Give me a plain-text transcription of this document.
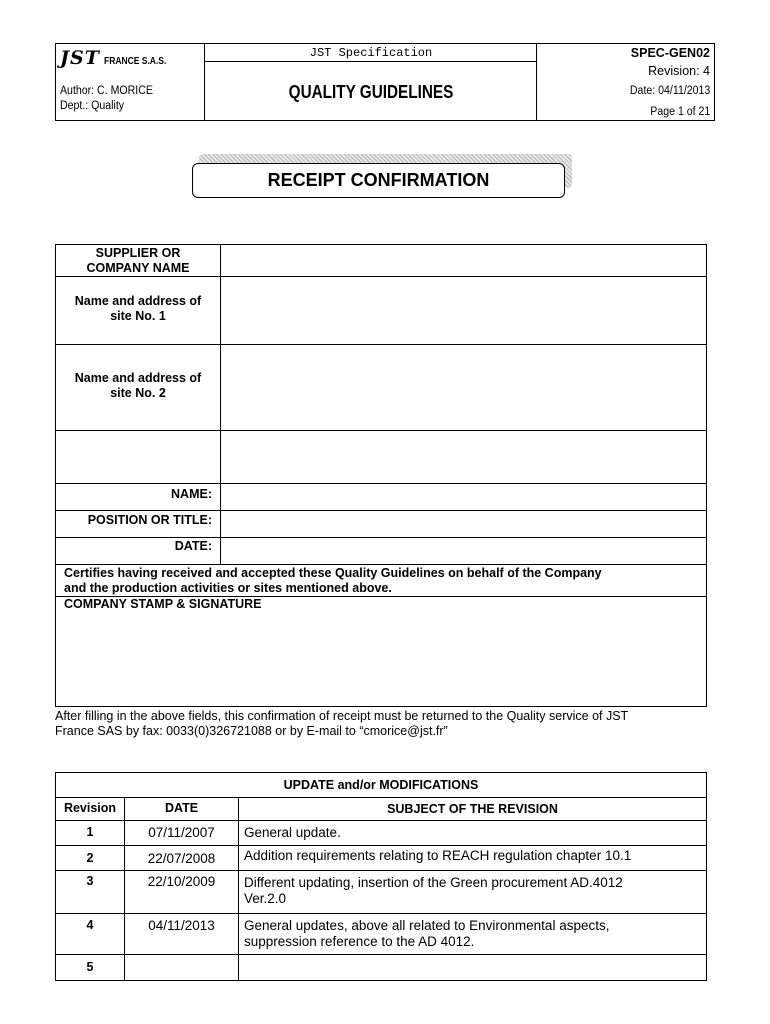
JST FRANCE S.A.S.
Author: C. MORICE
Dept.: Quality
JST Specification
QUALITY GUIDELINES
SPEC-GEN02
Revision: 4
Date: 04/11/2013
Page 1 of 21
RECEIPT CONFIRMATION
SUPPLIER OR
COMPANY NAME
Name and address of
site No. 1
Name and address of
site No. 2
NAME:
POSITION OR TITLE:
DATE:
Certifies having received and accepted these Quality Guidelines on behalf of the Company
and the production activities or sites mentioned above.
COMPANY STAMP & SIGNATURE
After filling in the above fields, this confirmation of receipt must be returned to the Quality service of JST
France SAS by fax: 0033(0)326721088 or by E-mail to “cmorice@jst.fr”
UPDATE and/or MODIFICATIONS
Revision	DATE	SUBJECT OF THE REVISION
1	07/11/2007	General update.
2	22/07/2008	Addition requirements relating to REACH regulation chapter 10.1
3	22/10/2009	Different updating, insertion of the Green procurement AD.4012
Ver.2.0
4	04/11/2013	General updates, above all related to Environmental aspects,
suppression reference to the AD 4012.
5
